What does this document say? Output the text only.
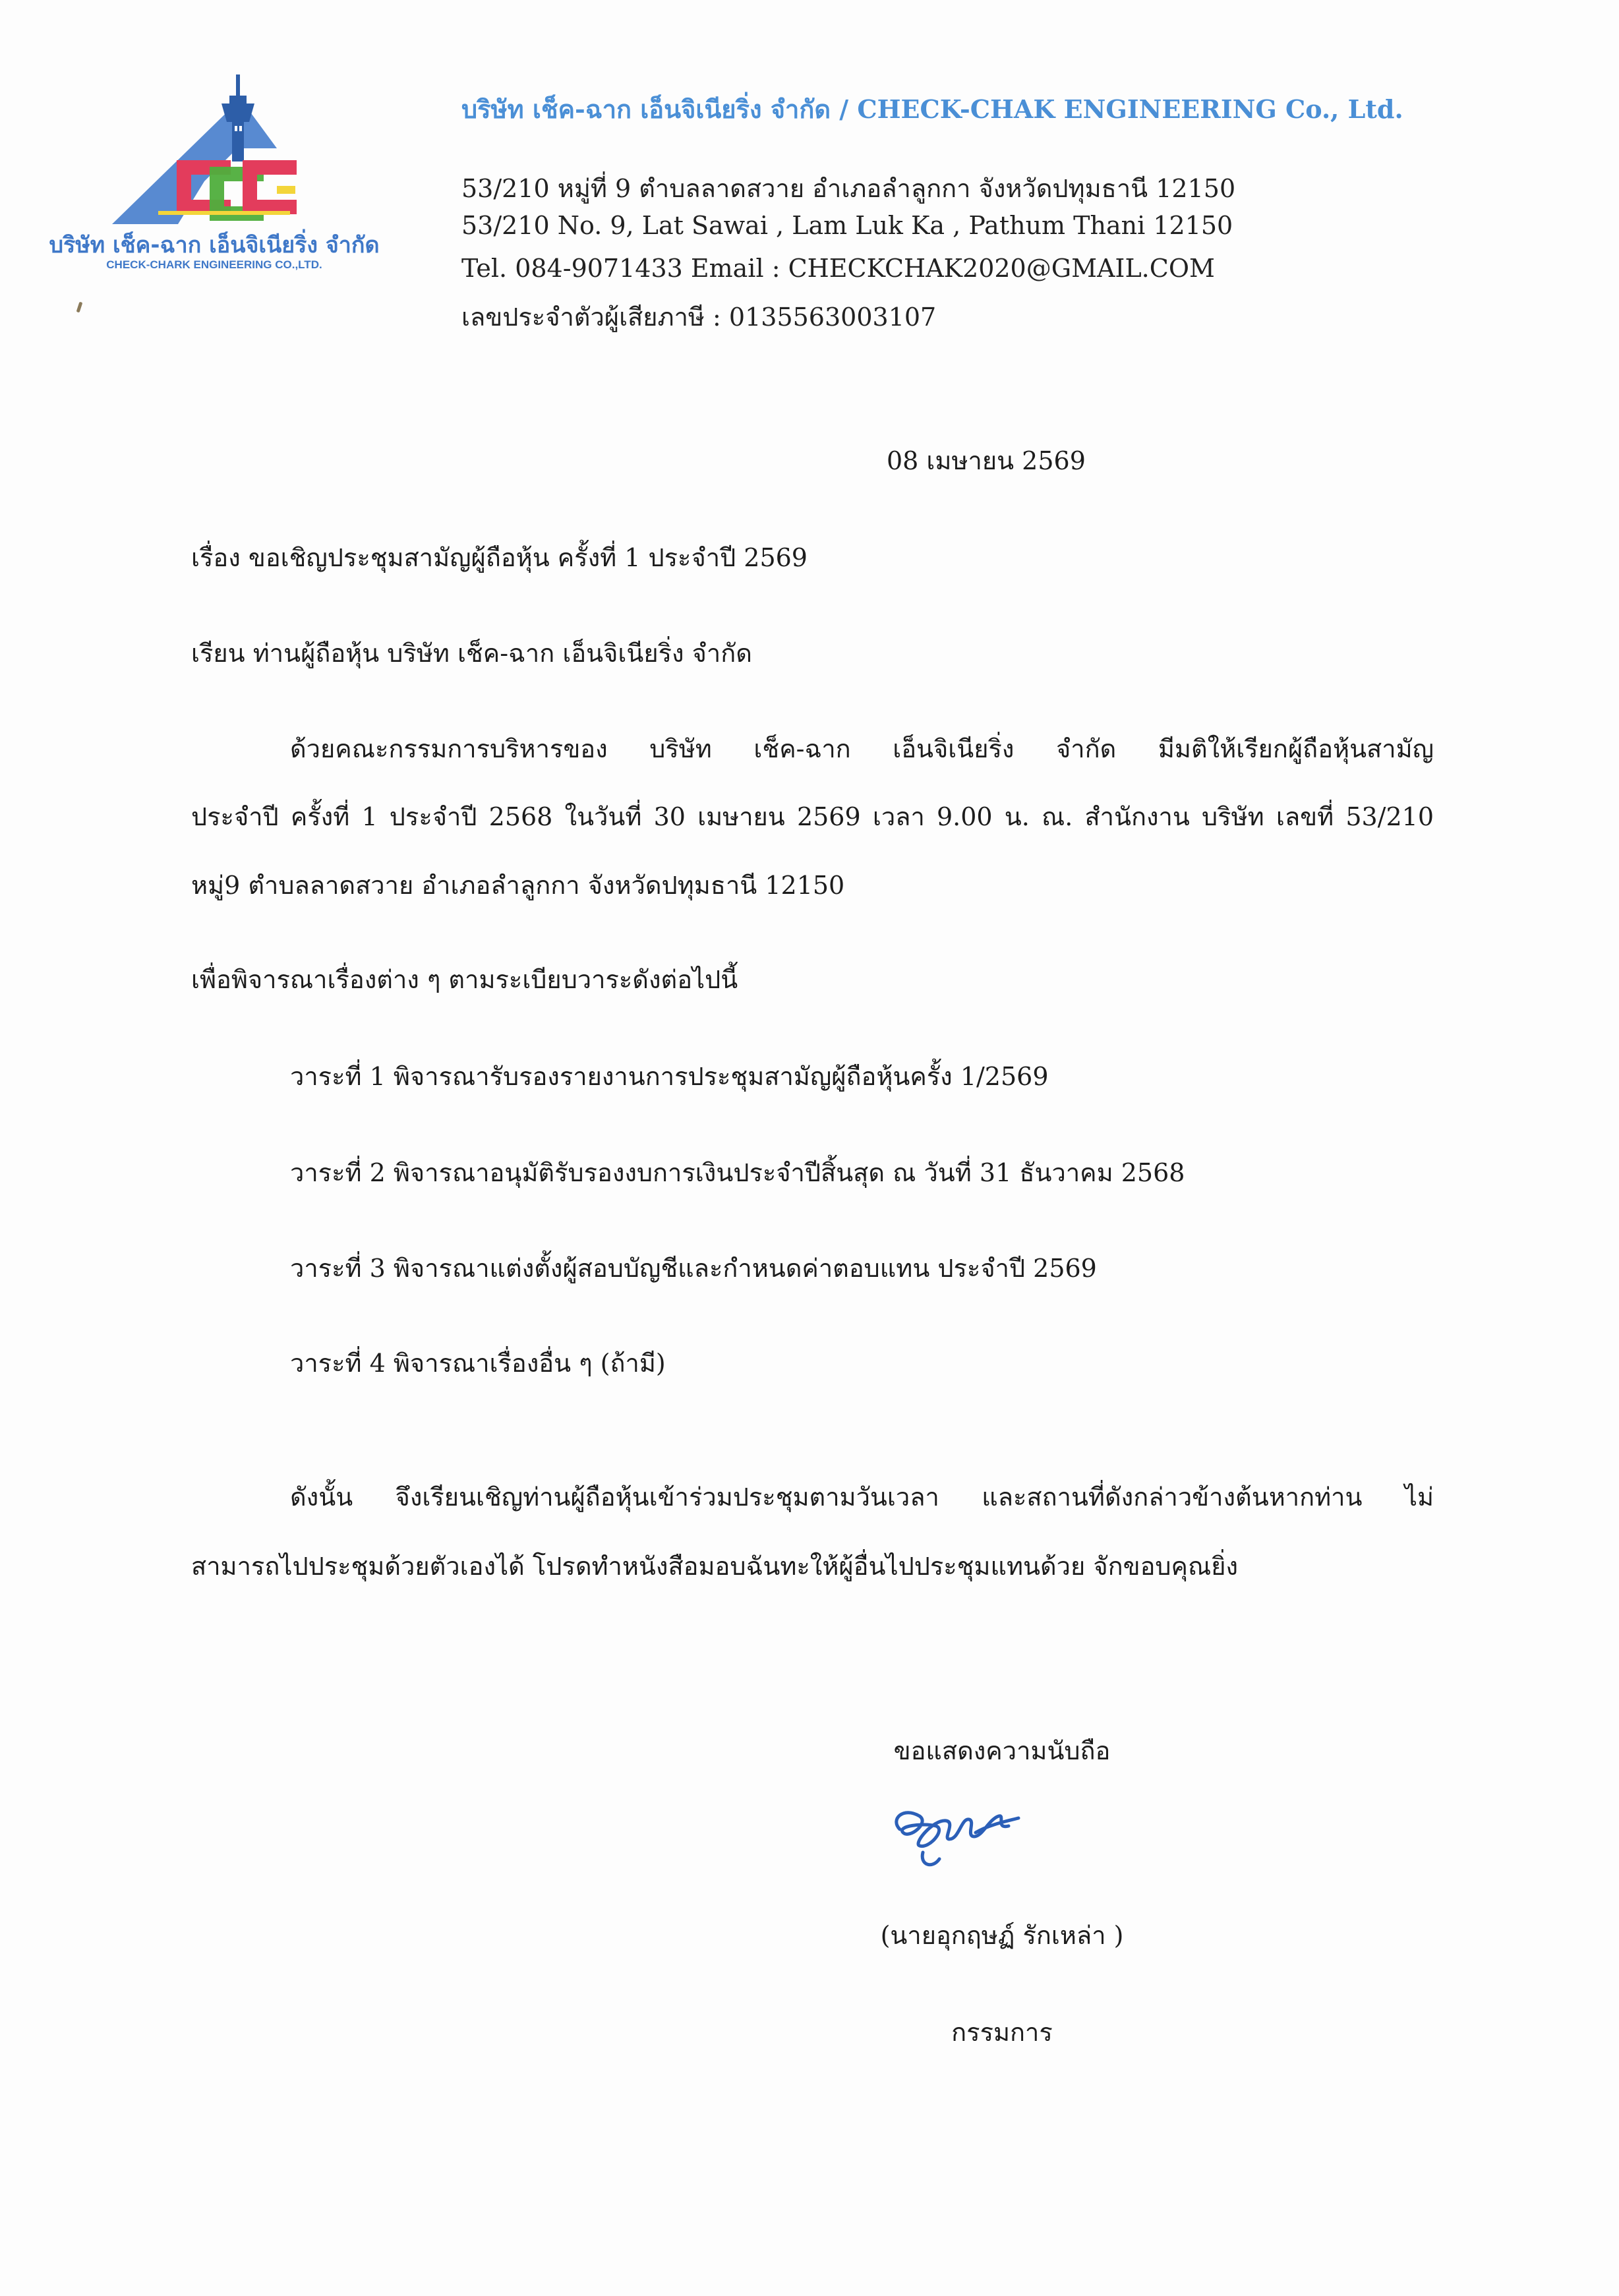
บริษัท เช็ค-ฉาก เอ็นจิเนียริ่ง จำกัด
CHECK-CHARK ENGINEERING CO.,LTD.
บริษัท เช็ค-ฉาก เอ็นจิเนียริ่ง จำกัด / CHECK-CHAK ENGINEERING Co., Ltd.
53/210 หมู่ที่ 9 ตำบลลาดสวาย อำเภอลำลูกกา จังหวัดปทุมธานี 12150
53/210 No. 9, Lat Sawai , Lam Luk Ka , Pathum Thani 12150
Tel. 084-9071433 Email : CHECKCHAK2020@GMAIL.COM
เลขประจำตัวผู้เสียภาษี : 0135563003107
08 เมษายน 2569
เรื่อง ขอเชิญประชุมสามัญผู้ถือหุ้น ครั้งที่ 1 ประจำปี 2569
เรียน ท่านผู้ถือหุ้น บริษัท เช็ค-ฉาก เอ็นจิเนียริ่ง จำกัด
ด้วยคณะกรรมการบริหารของ บริษัท เช็ค-ฉาก เอ็นจิเนียริ่ง จำกัด มีมติให้เรียกผู้ถือหุ้นสามัญ
ประจำปี ครั้งที่ 1 ประจำปี 2568 ในวันที่ 30 เมษายน 2569 เวลา 9.00 น. ณ. สำนักงาน บริษัท เลขที่ 53/210
หมู่9 ตำบลลาดสวาย อำเภอลำลูกกา จังหวัดปทุมธานี 12150
เพื่อพิจารณาเรื่องต่าง ๆ ตามระเบียบวาระดังต่อไปนี้
วาระที่ 1 พิจารณารับรองรายงานการประชุมสามัญผู้ถือหุ้นครั้ง 1/2569
วาระที่ 2 พิจารณาอนุมัติรับรองงบการเงินประจำปีสิ้นสุด ณ วันที่ 31 ธันวาคม 2568
วาระที่ 3 พิจารณาแต่งตั้งผู้สอบบัญชีและกำหนดค่าตอบแทน ประจำปี 2569
วาระที่ 4 พิจารณาเรื่องอื่น ๆ (ถ้ามี)
ดังนั้น จึงเรียนเชิญท่านผู้ถือหุ้นเข้าร่วมประชุมตามวันเวลา และสถานที่ดังกล่าวข้างต้นหากท่าน ไม่
สามารถไปประชุมด้วยตัวเองได้ โปรดทำหนังสือมอบฉันทะให้ผู้อื่นไปประชุมแทนด้วย จักขอบคุณยิ่ง
ขอแสดงความนับถือ
(นายอุกฤษฏ์ รักเหล่า )
กรรมการ
